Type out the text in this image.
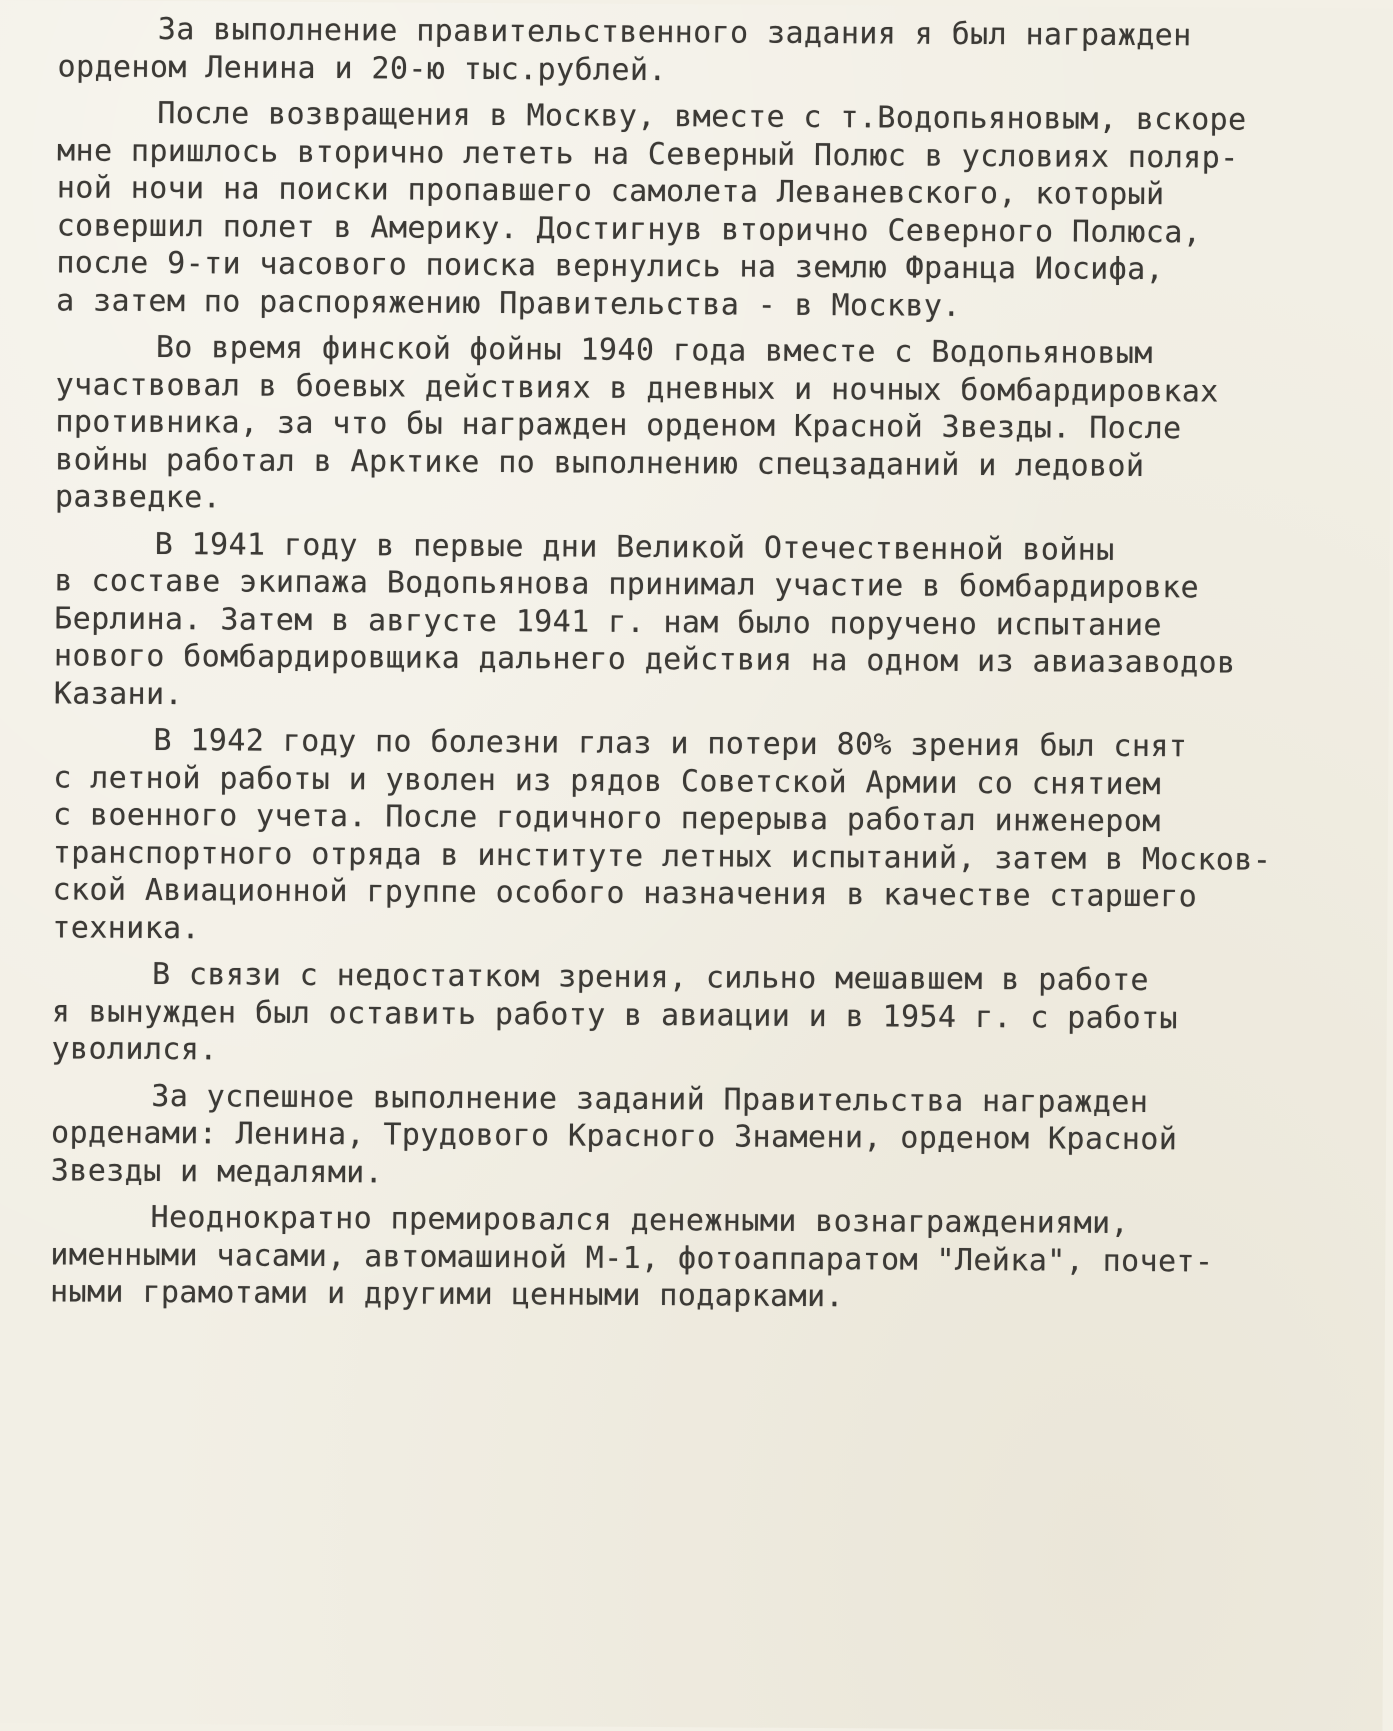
За выполнение правительственного задания я был награжден
орденом Ленина и 20-ю тыс.рублей.
После возвращения в Москву, вместе с т.Водопьяновым, вскоре
мне пришлось вторично лететь на Северный Полюс в условиях поляр-
ной ночи на поиски пропавшего самолета Леваневского, который
совершил полет в Америку. Достигнув вторично Северного Полюса,
после 9-ти часового поиска вернулись на землю Франца Иосифа,
а затем по распоряжению Правительства - в Москву.
Во время финской фойны 1940 года вместе с Водопьяновым
участвовал в боевых действиях в дневных и ночных бомбардировках
противника, за что бы награжден орденом Красной Звезды. После
войны работал в Арктике по выполнению спецзаданий и ледовой
разведке.
В 1941 году в первые дни Великой Отечественной войны
в составе экипажа Водопьянова принимал участие в бомбардировке
Берлина. Затем в августе 1941 г. нам было поручено испытание
нового бомбардировщика дальнего действия на одном из авиазаводов
Казани.
В 1942 году по болезни глаз и потери 80% зрения был снят
с летной работы и уволен из рядов Советской Армии со снятием
с военного учета. После годичного перерыва работал инженером
транспортного отряда в институте летных испытаний, затем в Москов-
ской Авиационной группе особого назначения в качестве старшего
техника.
В связи с недостатком зрения, сильно мешавшем в работе
я вынужден был оставить работу в авиации и в 1954 г. с работы
уволился.
За успешное выполнение заданий Правительства награжден
орденами: Ленина, Трудового Красного Знамени, орденом Красной
Звезды и медалями.
Неоднократно премировался денежными вознаграждениями,
именными часами, автомашиной М-1, фотоаппаратом "Лейка", почет-
ными грамотами и другими ценными подарками.
